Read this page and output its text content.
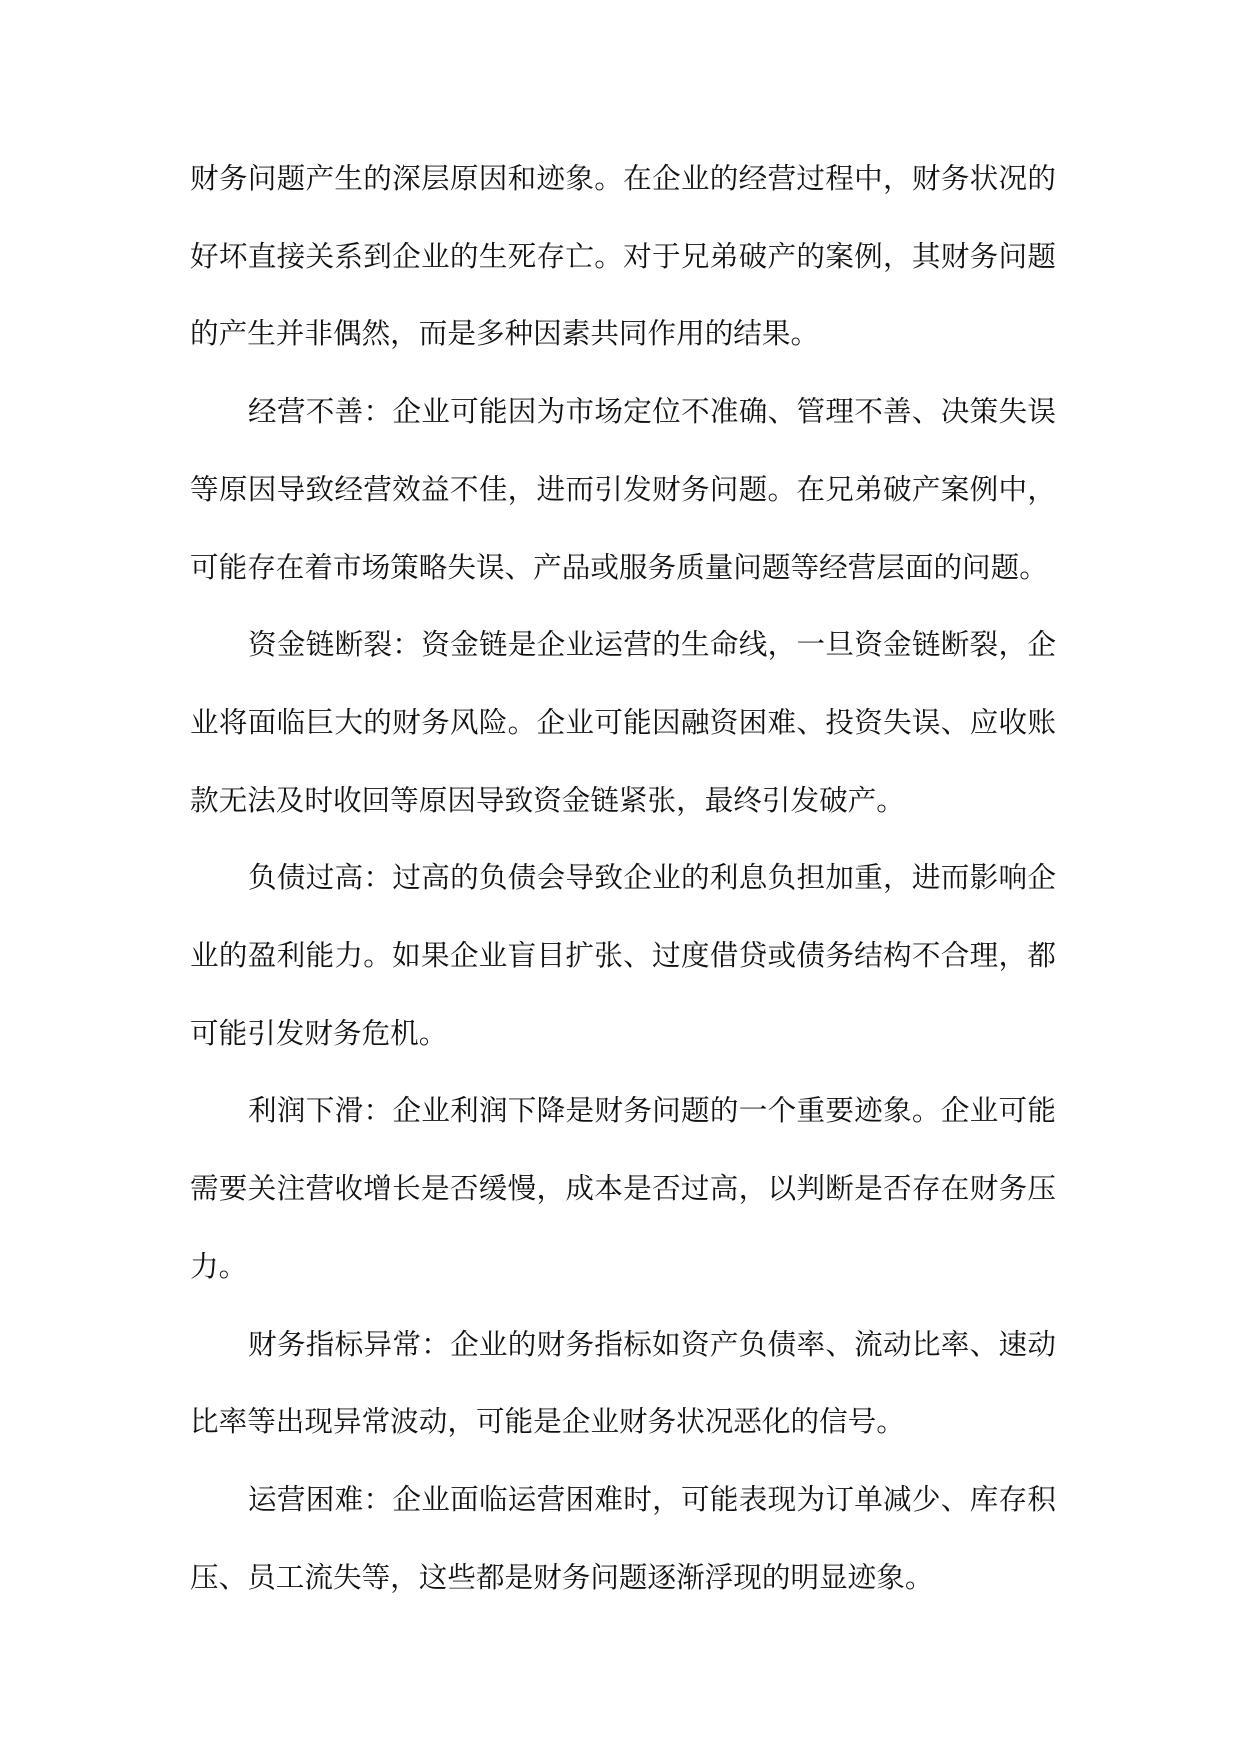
财务问题产生的深层原因和迹象。在企业的经营过程中，财务状况的好坏直接关系到企业的生死存亡。对于兄弟破产的案例，其财务问题的产生并非偶然，而是多种因素共同作用的结果。

经营不善：企业可能因为市场定位不准确、管理不善、决策失误等原因导致经营效益不佳，进而引发财务问题。在兄弟破产案例中，可能存在着市场策略失误、产品或服务质量问题等经营层面的问题。

资金链断裂：资金链是企业运营的生命线，一旦资金链断裂，企业将面临巨大的财务风险。企业可能因融资困难、投资失误、应收账款无法及时收回等原因导致资金链紧张，最终引发破产。

负债过高：过高的负债会导致企业的利息负担加重，进而影响企业的盈利能力。如果企业盲目扩张、过度借贷或债务结构不合理，都可能引发财务危机。

利润下滑：企业利润下降是财务问题的一个重要迹象。企业可能需要关注营收增长是否缓慢，成本是否过高，以判断是否存在财务压力。

财务指标异常：企业的财务指标如资产负债率、流动比率、速动比率等出现异常波动，可能是企业财务状况恶化的信号。

运营困难：企业面临运营困难时，可能表现为订单减少、库存积压、员工流失等，这些都是财务问题逐渐浮现的明显迹象。
